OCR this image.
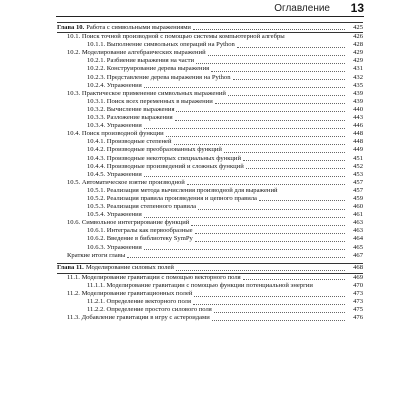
Оглавление 13
Глава 10. Работа с символьными выражениями	425
10.1. Поиск точной производной с помощью системы компьютерной алгебры	426
10.1.1. Выполнение символьных операций на Python	428
10.2. Моделирование алгебраических выражений	429
10.2.1. Разбиение выражения на части	429
10.2.2. Конструирование дерева выражения	431
10.2.3. Представление дерева выражения на Python	432
10.2.4. Упражнения	435
10.3. Практическое применение символьных выражений	439
10.3.1. Поиск всех переменных в выражении	439
10.3.2. Вычисление выражения	440
10.3.3. Разложение выражения	443
10.3.4. Упражнения	446
10.4. Поиск производной функции	448
10.4.1. Производные степеней	448
10.4.2. Производные преобразованных функций	449
10.4.3. Производные некоторых специальных функций	451
10.4.4. Производные произведений и сложных функций	452
10.4.5. Упражнения	453
10.5. Автоматическое взятие производной	457
10.5.1. Реализация метода вычисления производной для выражений	457
10.5.2. Реализация правила произведения и цепного правила	459
10.5.3. Реализация степенного правила	460
10.5.4. Упражнения	461
10.6. Символьное интегрирование функций	463
10.6.1. Интегралы как первообразные	463
10.6.2. Введение в библиотеку SymPy	464
10.6.3. Упражнения	465
Краткие итоги главы	467
Глава 11. Моделирование силовых полей	468
11.1. Моделирование гравитации с помощью векторного поля	469
11.1.1. Моделирование гравитации с помощью функции потенциальной энергии	470
11.2. Моделирование гравитационных полей	473
11.2.1. Определение векторного поля	473
11.2.2. Определение простого силового поля	475
11.3. Добавление гравитации в игру с астероидами	476
